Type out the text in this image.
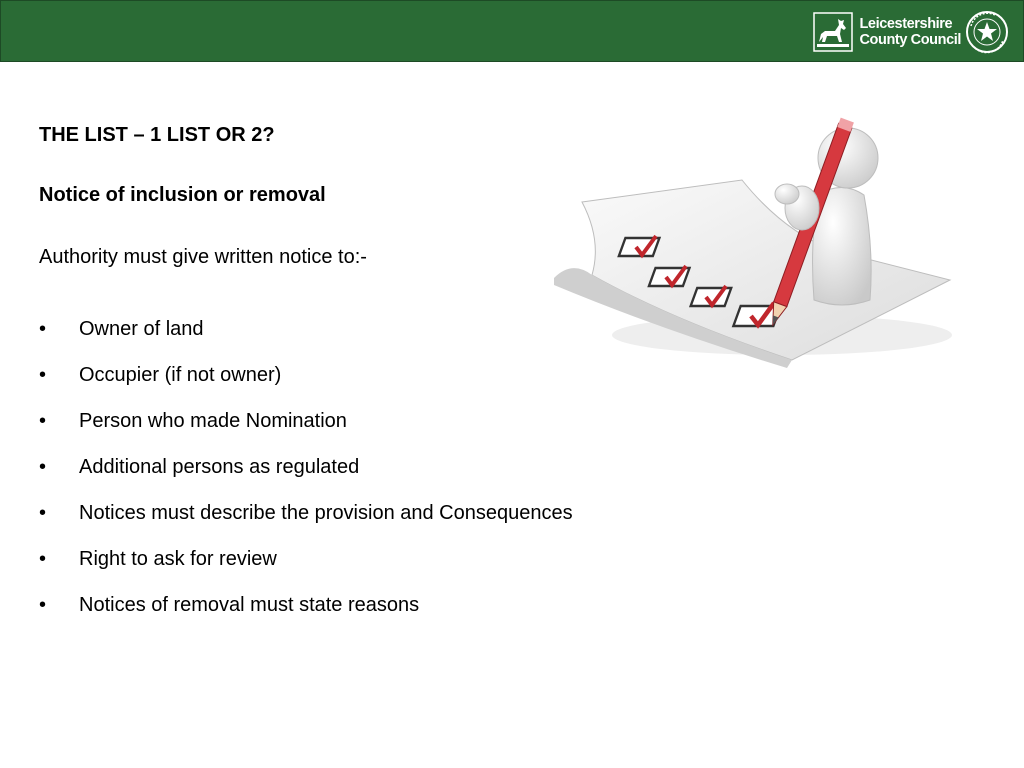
Leicestershire
County Council
THE LIST – 1 LIST OR 2?
Notice of inclusion or removal

Authority must give written notice to:-

•	Owner of land
•	Occupier (if not owner)
•	Person who made Nomination
•	Additional persons as regulated
•	Notices must describe the provision and Consequences
•	Right to ask for review
•	Notices of removal must state reasons
